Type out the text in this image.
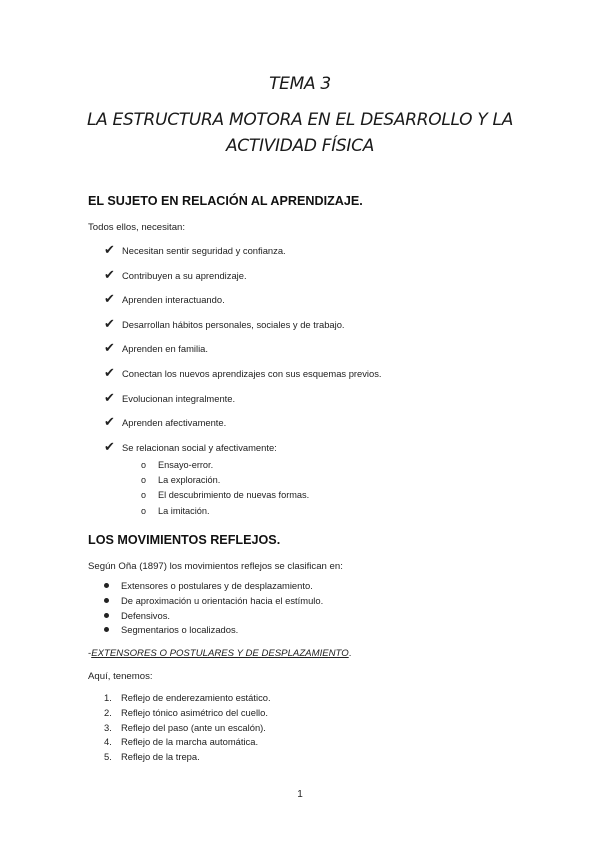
TEMA 3
LA ESTRUCTURA MOTORA EN EL DESARROLLO Y LA
ACTIVIDAD FÍSICA
EL SUJETO EN RELACIÓN AL APRENDIZAJE.
Todos ellos, necesitan:
✔ Necesitan sentir seguridad y confianza.
✔ Contribuyen a su aprendizaje.
✔ Aprenden interactuando.
✔ Desarrollan hábitos personales, sociales y de trabajo.
✔ Aprenden en familia.
✔ Conectan los nuevos aprendizajes con sus esquemas previos.
✔ Evolucionan integralmente.
✔ Aprenden afectivamente.
✔ Se relacionan social y afectivamente:
o Ensayo-error.
o La exploración.
o El descubrimiento de nuevas formas.
o La imitación.
LOS MOVIMIENTOS REFLEJOS.
Según Oña (1897) los movimientos reflejos se clasifican en:
Extensores o postulares y de desplazamiento.
De aproximación u orientación hacia el estímulo.
Defensivos.
Segmentarios o localizados.
-EXTENSORES O POSTULARES Y DE DESPLAZAMIENTO.
Aquí, tenemos:
1. Reflejo de enderezamiento estático.
2. Reflejo tónico asimétrico del cuello.
3. Reflejo del paso (ante un escalón).
4. Reflejo de la marcha automática.
5. Reflejo de la trepa.
1
